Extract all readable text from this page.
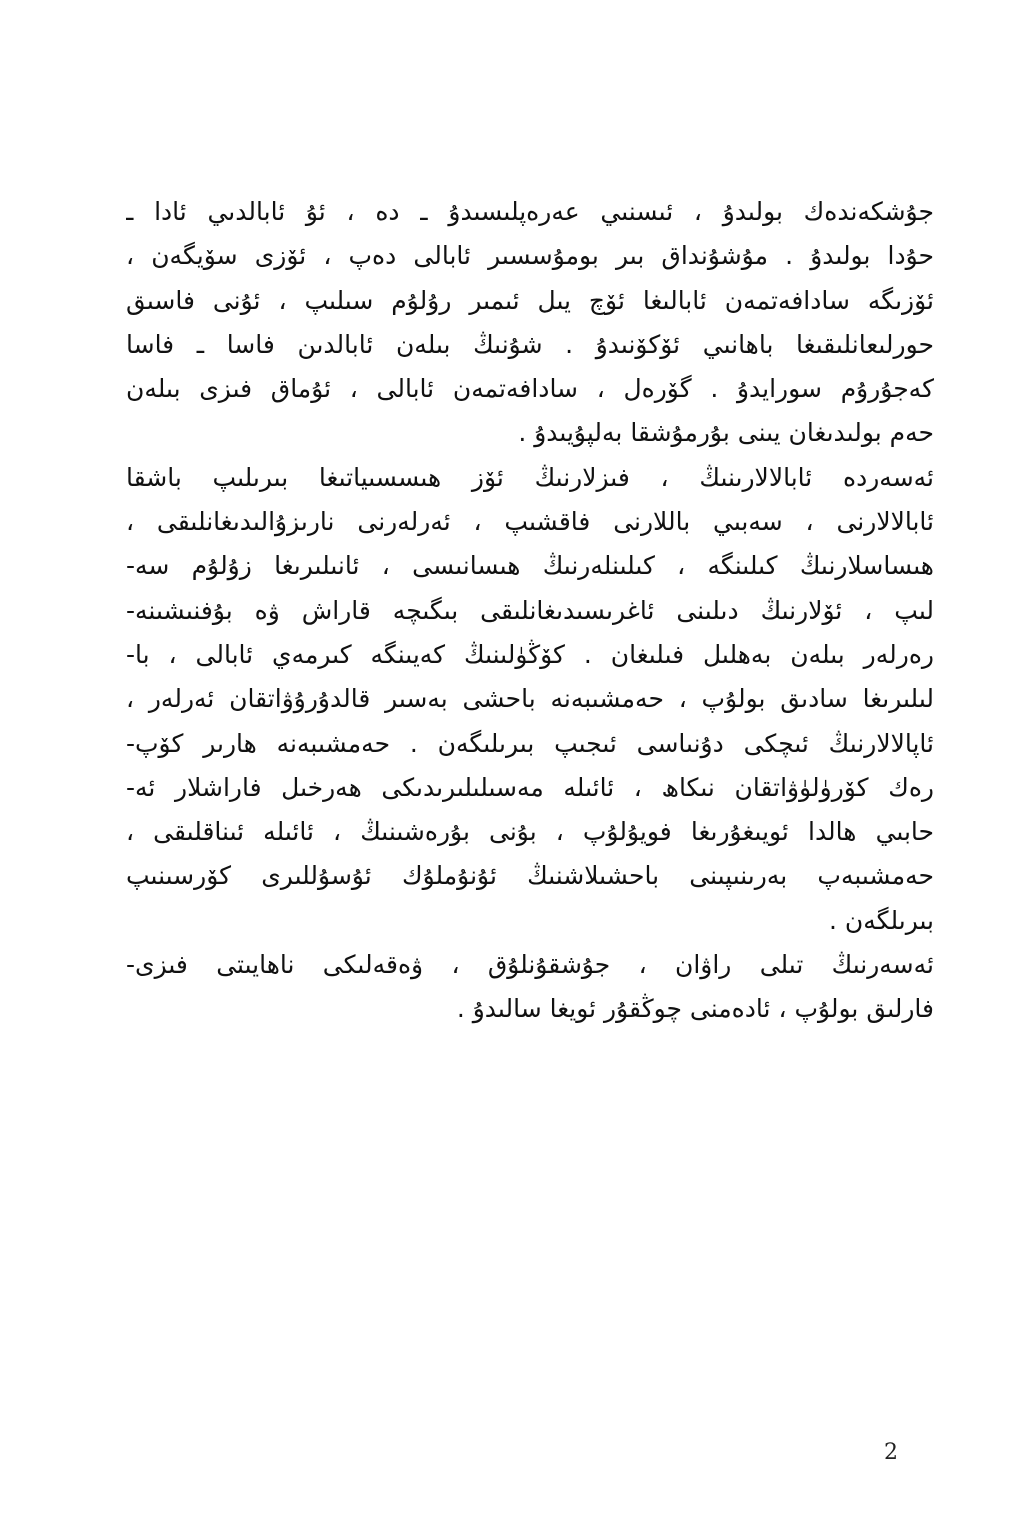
جۇشكەندەك بولىدۇ ، ئىسنىي عەرەپلىسىدۇ ـ دە ، ئۇ ئابالدىي ئادا ـ
حۇدا بولىدۇ . مۇشۇنداق بىر بومۇسسىر ئابالى دەپ ، ئۆزى سۆيگەن ،
ئۆزىگە سادافەتمەن ئابالىغا ئۆچ يىل ئىمىر رۇلۇم سىلىپ ، ئۇنى فاسىق
حورلىعانلىقىغا باھانىي ئۆكۆنىدۇ . شۇنىڭ بىلەن ئابالدىن فاسا ـ فاسا
كەجۇرۇم سورايدۇ . گۆرەل ، سادافەتمەن ئابالى ، ئۇماق فىزى بىلەن
حەم بولىدىغان يىنى بۇرمۇشقا بەلپۇيىدۇ .
ئەسەردە ئابالالارىنىڭ ، فىزلارنىڭ ئۆز ھىسسىياتىغا بىرىلىپ باشقا
ئابالالارنى ، سەبىي باللارنى فاقشىپ ، ئەرلەرنى نارىزۇالىدىغانلىقى ،
ھىساسلارنىڭ كىلىنگە ، كىلىنلەرنىڭ ھىسانىسى ، ئانىلىرىغا زۇلۇم سە-
لىپ ، ئۆلارنىڭ دىلىنى ئاغرىسىدىغانلىقى بىگىچە قاراش ۋە بۇفنىشىنە-
رەرلەر بىلەن بەھلىل فىلىغان . كۆڭۈلىنىڭ كەيىنگە كىرمەي ئابالى ، با-
لىلىرىغا سادىق بولۇپ ، حەمشىبەنە باحشى بەسىر قالدۇرۇۋاتقان ئەرلەر ،
ئاپالالارنىڭ ئىچكى دۇنىاسى ئىجىپ بىرىلىگەن . حەمشىبەنە ھارىر كۆپ-
رەك كۆرۈلۈۋاتقان نىكاھ ، ئائىلە مەسىلىلىرىدىكى ھەرخىل فاراشلار ئە-
حابىي ھالدا ئويىغۇرىغا فويۇلۇپ ، بۇنى بۇرەشىنىڭ ، ئائىلە ئىناقلىقى ،
حەمشىبەپ بەرىنىپىنى باحشىلاشنىڭ ئۇنۇملۇك ئۇسۇللىرى كۆرسىنىپ
بىرىلگەن .
ئەسەرنىڭ تىلى راۋان ، جۇشقۇنلۇق ، ۋەقەلىكى ناھايىتى فىزى-
فارلىق بولۇپ ، ئادەمنى چوڭقۇر ئويغا سالىدۇ .
2
